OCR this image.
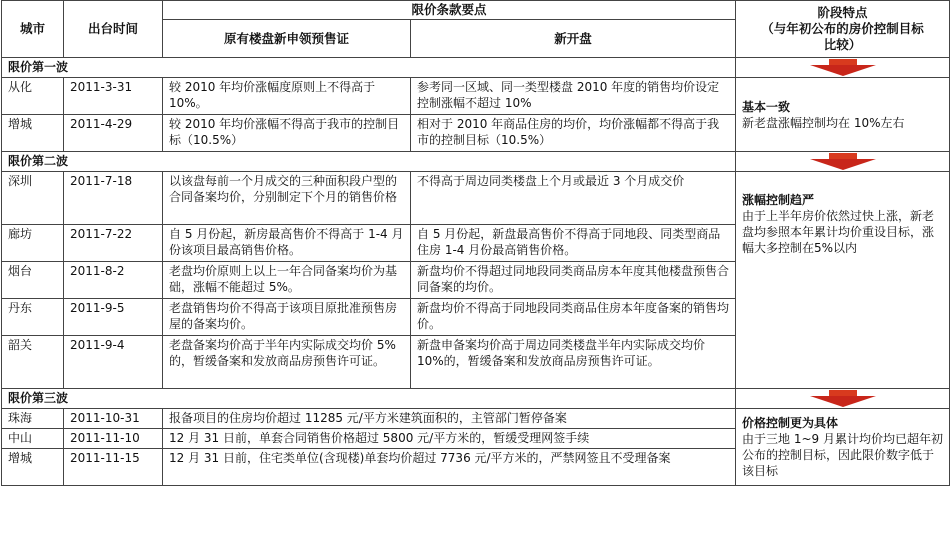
城市	出台时间	限价条款要点		阶段特点
（与年初公布的房价控制目标
比较）

		原有楼盘新申领预售证	新开盘	
限价第一波				

从化	2011-3-31	较 2010 年均价涨幅度原则上不得高于 10%。	参考同一区域、同一类型楼盘 2010 年度的销售均价设定控制涨幅不超过 10%	基本一致
新老盘涨幅控制均在 10%左右

增城	2011-4-29	较 2010 年均价涨幅不得高于我市的控制目标（10.5%）	相对于 2010 年商品住房的均价，均价涨幅都不得高于我市的控制目标（10.5%）	
限价第二波				

深圳	2011-7-18	以该盘每前一个月成交的三种面积段户型的合同备案均价，分别制定下个月的销售价格	不得高于周边同类楼盘上个月或最近 3 个月成交价	涨幅控制趋严
由于上半年房价依然过快上涨，新老盘均参照本年累计均价重设目标，涨幅大多控制在5%以内

廊坊	2011-7-22	自 5 月份起，新房最高售价不得高于 1-4 月份该项目最高销售价格。	自 5 月份起，新盘最高售价不得高于同地段、同类型商品住房 1-4 月份最高销售价格。	
烟台	2011-8-2	老盘均价原则上以上一年合同备案均价为基础，涨幅不能超过 5%。	新盘均价不得超过同地段同类商品房本年度其他楼盘预售合同备案的均价。	
丹东	2011-9-5	老盘销售均价不得高于该项目原批准预售房屋的备案均价。	新盘均价不得高于同地段同类商品住房本年度备案的销售均价。	
韶关	2011-9-4	老盘备案均价高于半年内实际成交均价 5%的，暂缓备案和发放商品房预售许可证。	新盘申备案均价高于周边同类楼盘半年内实际成交均价 10%的，暂缓备案和发放商品房预售许可证。	
限价第三波				

珠海	2011-10-31	报备项目的住房均价超过 11285 元/平方米建筑面积的，主管部门暂停备案		价格控制更为具体
由于三地 1~9 月累计均价均已超年初公布的控制目标，因此限价数字低于该目标

中山	2011-11-10	12 月 31 日前，单套合同销售价格超过 5800 元/平方米的，暂缓受理网签手续		
增城	2011-11-15	12 月 31 日前，住宅类单位(含现楼)单套均价超过 7736 元/平方米的，严禁网签且不受理备案		
